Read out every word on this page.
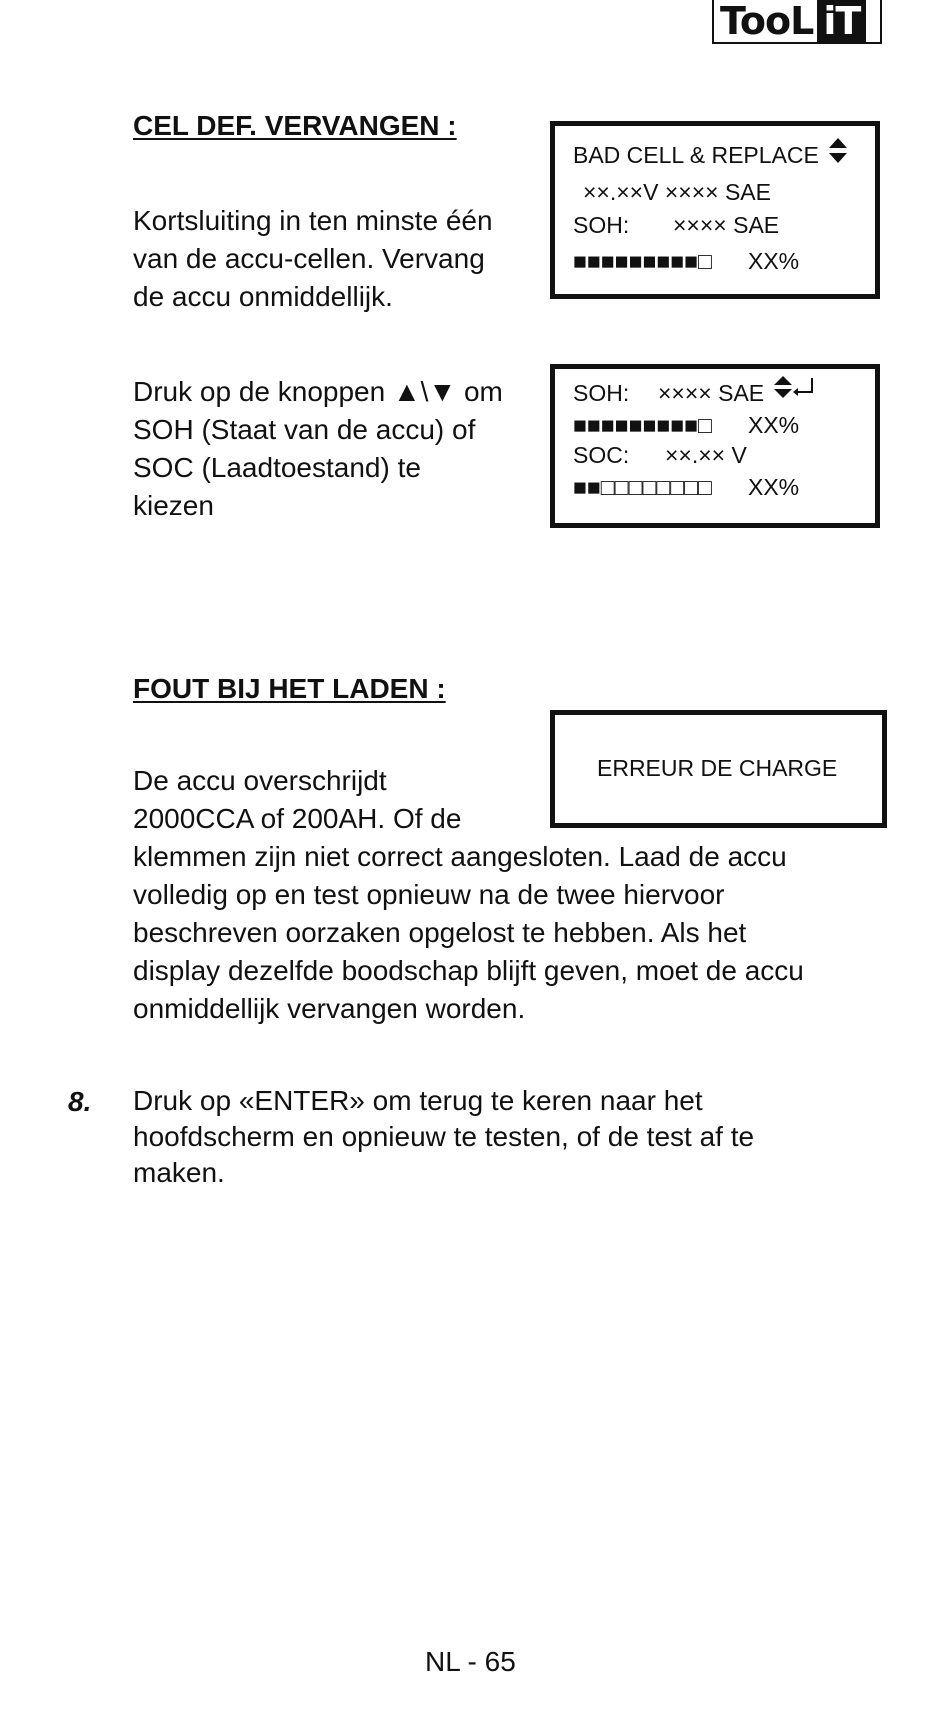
TooL iT
CEL DEF. VERVANGEN :
Kortsluiting in ten minste één
van de accu-cellen. Vervang
de accu onmiddellijk.
Druk op de knoppen ▲\▼ om
SOH (Staat van de accu) of
SOC (Laadtoestand) te
kiezen
BAD CELL & REPLACE
××.××V ×××× SAE
SOH: ×××× SAE
■■■■■■■■■□ XX%
SOH: ×××× SAE
■■■■■■■■■□ XX%
SOC: ××.×× V
■■□□□□□□□□ XX%
FOUT BIJ HET LADEN :
ERREUR DE CHARGE
De accu overschrijdt
2000CCA of 200AH. Of de
klemmen zijn niet correct aangesloten. Laad de accu
volledig op en test opnieuw na de twee hiervoor
beschreven oorzaken opgelost te hebben. Als het
display dezelfde boodschap blijft geven, moet de accu
onmiddellijk vervangen worden.
8. Druk op «ENTER» om terug te keren naar het
hoofdscherm en opnieuw te testen, of de test af te
maken.
NL - 65
